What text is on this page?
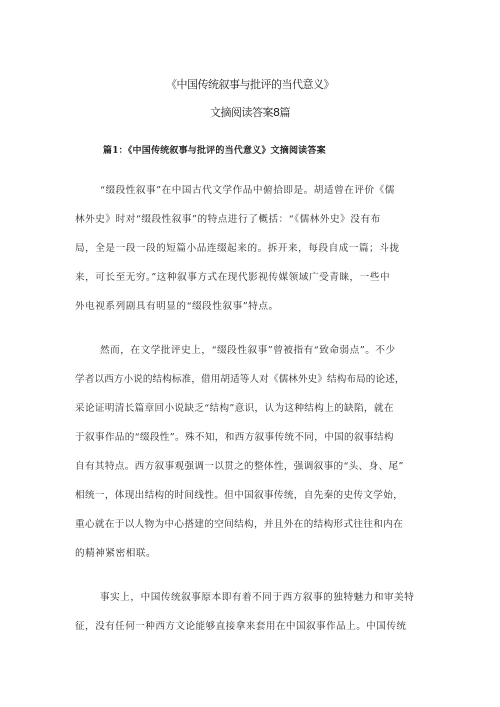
《中国传统叙事与批评的当代意义》
文摘阅读答案8篇
篇1：《中国传统叙事与批评的当代意义》文摘阅读答案
“缀段性叙事”在中国古代文学作品中俯拾即是。胡适曾在评价《儒
林外史》时对“缀段性叙事”的特点进行了概括：“《儒林外史》没有布
局，全是一段一段的短篇小品连缀起来的。拆开来，每段自成一篇；斗拢
来，可长至无穷。”这种叙事方式在现代影视传媒领域广受青睐，一些中
外电视系列剧具有明显的“缀段性叙事”特点。
然而，在文学批评史上，“缀段性叙事”曾被指有“致命弱点”。不少
学者以西方小说的结构标准，借用胡适等人对《儒林外史》结构布局的论述，
采论证明清长篇章回小说缺乏“结构”意识，认为这种结构上的缺陷，就在
于叙事作品的“缀段性”。殊不知，和西方叙事传统不同，中国的叙事结构
自有其特点。西方叙事观强调一以贯之的整体性，强调叙事的“头、身、尾”
相统一，体现出结构的时间线性。但中国叙事传统，自先秦的史传文学始，
重心就在于以人物为中心搭建的空间结构，并且外在的结构形式往往和内在
的精神紧密相联。
事实上，中国传统叙事原本即有着不同于西方叙事的独特魅力和审美特
征，没有任何一种西方文论能够直接拿来套用在中国叙事作品上。中国传统
